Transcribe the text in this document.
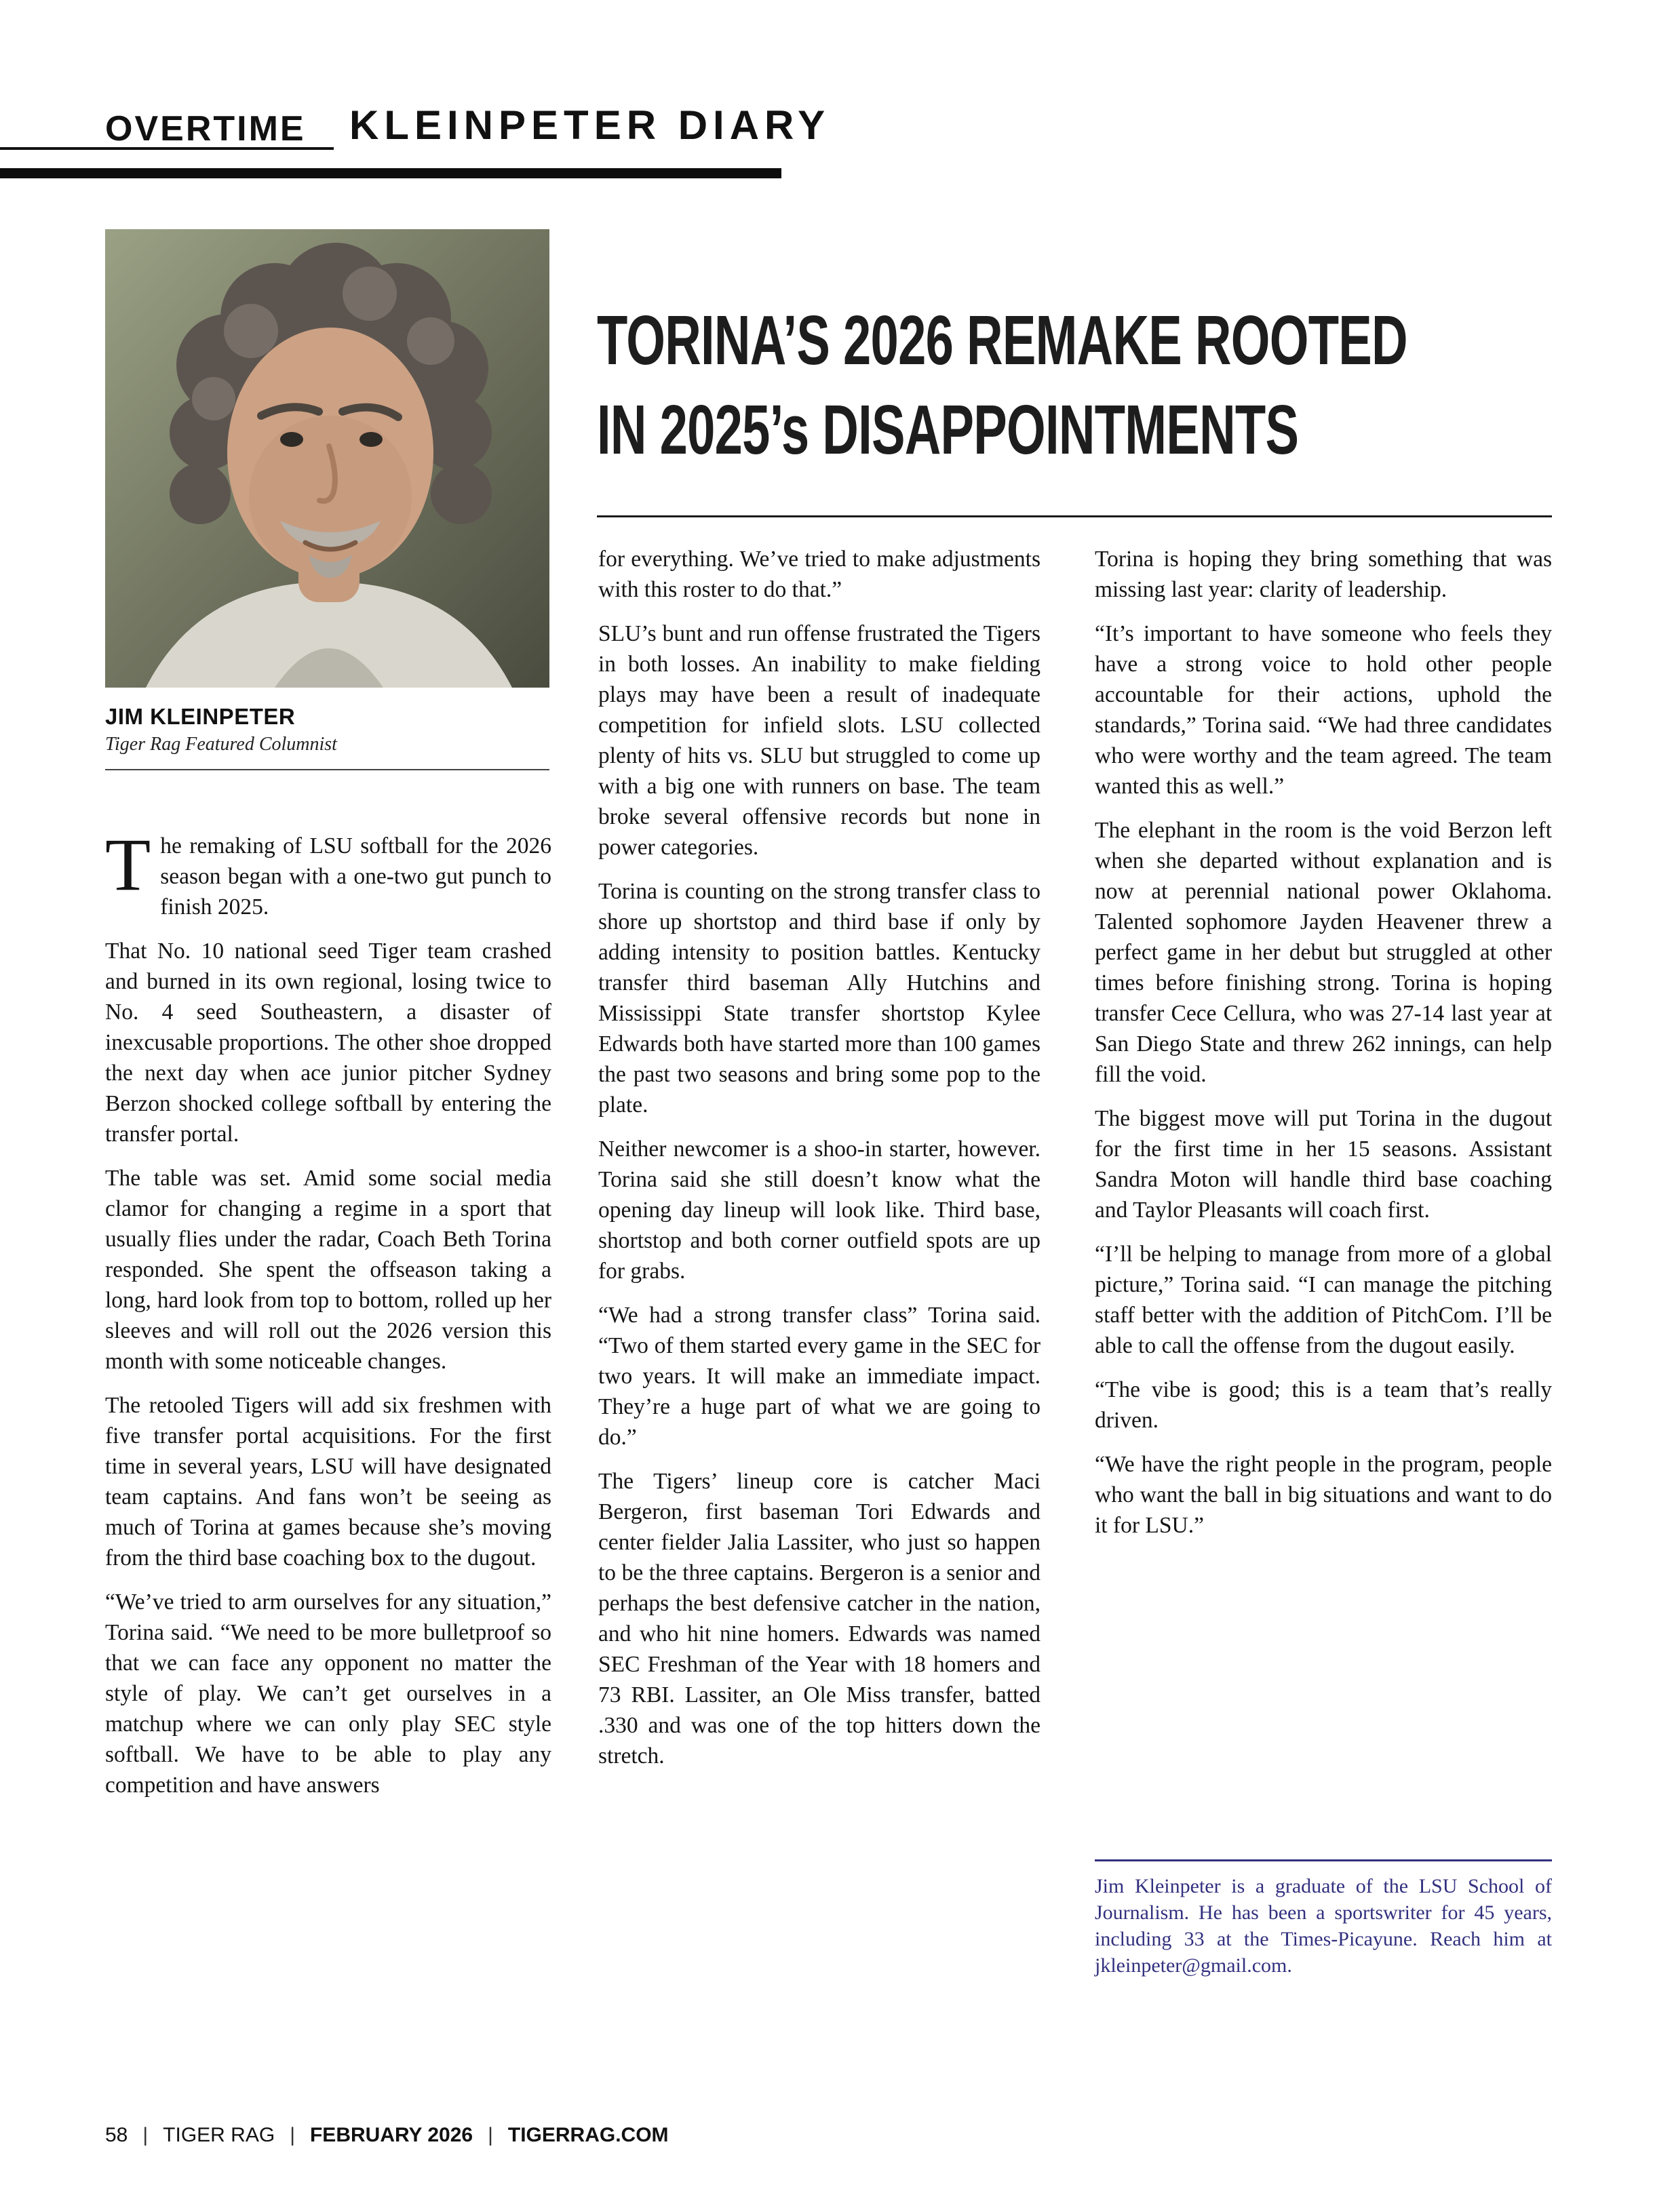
OVERTIME KLEINPETER DIARY
JIM KLEINPETER
Tiger Rag Featured Columnist
TORINA’S 2026 REMAKE ROOTED
IN 2025’s DISAPPOINTMENTS

The remaking of LSU softball for the 2026 season began with a one-two gut punch to finish 2025.

That No. 10 national seed Tiger team crashed and burned in its own regional, losing twice to No. 4 seed Southeastern, a disaster of inexcusable proportions. The other shoe dropped the next day when ace junior pitcher Sydney Berzon shocked college softball by entering the transfer portal.

The table was set. Amid some social media clamor for changing a regime in a sport that usually flies under the radar, Coach Beth Torina responded. She spent the offseason taking a long, hard look from top to bottom, rolled up her sleeves and will roll out the 2026 version this month with some noticeable changes.

The retooled Tigers will add six freshmen with five transfer portal acquisitions. For the first time in several years, LSU will have designated team captains. And fans won’t be seeing as much of Torina at games because she’s moving from the third base coaching box to the dugout.

“We’ve tried to arm ourselves for any situation,” Torina said. “We need to be more bulletproof so that we can face any opponent no matter the style of play. We can’t get ourselves in a matchup where we can only play SEC style softball. We have to be able to play any competition and have answers

for everything. We’ve tried to make adjustments with this roster to do that.”

SLU’s bunt and run offense frustrated the Tigers in both losses. An inability to make fielding plays may have been a result of inadequate competition for infield slots. LSU collected plenty of hits vs. SLU but struggled to come up with a big one with runners on base. The team broke several offensive records but none in power categories.

Torina is counting on the strong transfer class to shore up shortstop and third base if only by adding intensity to position battles. Kentucky transfer third baseman Ally Hutchins and Mississippi State transfer shortstop Kylee Edwards both have started more than 100 games the past two seasons and bring some pop to the plate.

Neither newcomer is a shoo-in starter, however. Torina said she still doesn’t know what the opening day lineup will look like. Third base, shortstop and both corner outfield spots are up for grabs.

“We had a strong transfer class” Torina said. “Two of them started every game in the SEC for two years. It will make an immediate impact. They’re a huge part of what we are going to do.”

The Tigers’ lineup core is catcher Maci Bergeron, first baseman Tori Edwards and center fielder Jalia Lassiter, who just so happen to be the three captains. Bergeron is a senior and perhaps the best defensive catcher in the nation, and who hit nine homers. Edwards was named SEC Freshman of the Year with 18 homers and 73 RBI. Lassiter, an Ole Miss transfer, batted .330 and was one of the top hitters down the stretch.

Torina is hoping they bring something that was missing last year: clarity of leadership.

“It’s important to have someone who feels they have a strong voice to hold other people accountable for their actions, uphold the standards,” Torina said. “We had three candidates who were worthy and the team agreed. The team wanted this as well.”

The elephant in the room is the void Berzon left when she departed without explanation and is now at perennial national power Oklahoma. Talented sophomore Jayden Heavener threw a perfect game in her debut but struggled at other times before finishing strong. Torina is hoping transfer Cece Cellura, who was 27-14 last year at San Diego State and threw 262 innings, can help fill the void.

The biggest move will put Torina in the dugout for the first time in her 15 seasons. Assistant Sandra Moton will handle third base coaching and Taylor Pleasants will coach first.

“I’ll be helping to manage from more of a global picture,” Torina said. “I can manage the pitching staff better with the addition of PitchCom. I’ll be able to call the offense from the dugout easily.

“The vibe is good; this is a team that’s really driven.

“We have the right people in the program, people who want the ball in big situations and want to do it for LSU.”

Jim Kleinpeter is a graduate of the LSU School of Journalism. He has been a sportswriter for 45 years, including 33 at the Times-Picayune. Reach him at jkleinpeter@gmail.com.
58 | TIGER RAG | FEBRUARY 2026 | TIGERRAG.COM
